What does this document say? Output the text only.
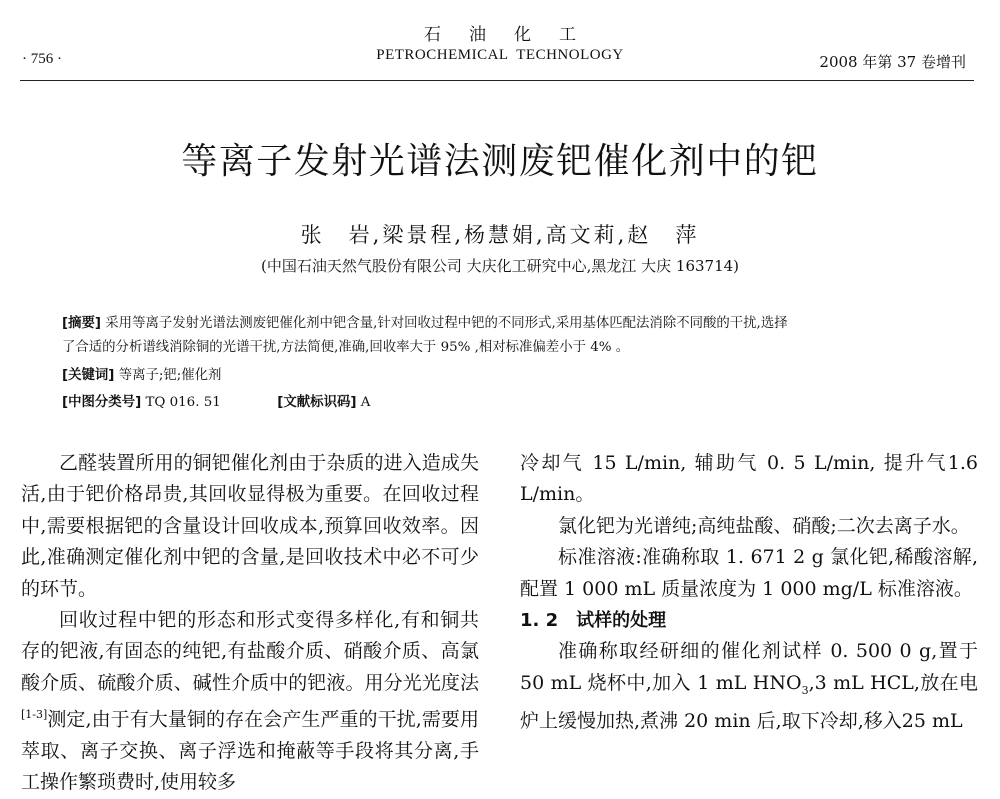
石油化工
PETROCHEMICAL  TECHNOLOGY
· 756 ·	2008 年第 37 卷增刊
等离子发射光谱法测废钯催化剂中的钯
张　岩,梁景程,杨慧娟,高文莉,赵　萍
(中国石油天然气股份有限公司 大庆化工研究中心,黑龙江 大庆 163714)
[摘要] 采用等离子发射光谱法测废钯催化剂中钯含量,针对回收过程中钯的不同形式,采用基体匹配法消除不同酸的干扰,选择
了合适的分析谱线消除铜的光谱干扰,方法简便,准确,回收率大于 95% ,相对标准偏差小于 4% 。
[关键词] 等离子;钯;催化剂
[中图分类号] TQ 016. 51	[文献标识码] A

乙醛装置所用的铜钯催化剂由于杂质的进入造成失活,由于钯价格昂贵,其回收显得极为重要。在回收过程中,需要根据钯的含量设计回收成本,预算回收效率。因此,准确测定催化剂中钯的含量,是回收技术中必不可少的环节。

回收过程中钯的形态和形式变得多样化,有和铜共存的钯液,有固态的纯钯,有盐酸介质、硝酸介质、高氯酸介质、硫酸介质、碱性介质中的钯液。用分光光度法[1-3]测定,由于有大量铜的存在会产生严重的干扰,需要用萃取、离子交换、离子浮选和掩蔽等手段将其分离,手工操作繁琐费时,使用较多

冷却气 15 L/min, 辅助气 0. 5 L/min, 提升气1.6 L/min。

氯化钯为光谱纯;高纯盐酸、硝酸;二次去离子水。

标准溶液:准确称取 1. 671 2 g 氯化钯,稀酸溶解,配置 1 000 mL 质量浓度为 1 000 mg/L 标准溶液。

1. 2　试样的处理

准确称取经研细的催化剂试样 0. 500 0 g,置于 50 mL 烧杯中,加入 1 mL $HNO_3,3$ mL HCL,放在电炉上缓慢加热,煮沸 20 min 后,取下冷却,移入25 mL
